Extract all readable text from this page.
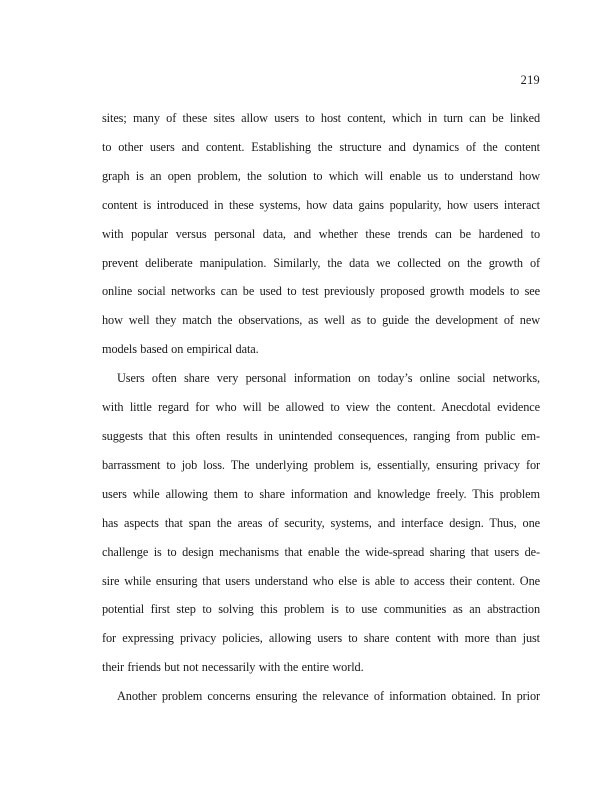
219
sites; many of these sites allow users to host content, which in turn can be linked
to other users and content. Establishing the structure and dynamics of the content
graph is an open problem, the solution to which will enable us to understand how
content is introduced in these systems, how data gains popularity, how users interact
with popular versus personal data, and whether these trends can be hardened to
prevent deliberate manipulation. Similarly, the data we collected on the growth of
online social networks can be used to test previously proposed growth models to see
how well they match the observations, as well as to guide the development of new
models based on empirical data.
Users often share very personal information on today’s online social networks,
with little regard for who will be allowed to view the content. Anecdotal evidence
suggests that this often results in unintended consequences, ranging from public em-
barrassment to job loss. The underlying problem is, essentially, ensuring privacy for
users while allowing them to share information and knowledge freely. This problem
has aspects that span the areas of security, systems, and interface design. Thus, one
challenge is to design mechanisms that enable the wide-spread sharing that users de-
sire while ensuring that users understand who else is able to access their content. One
potential first step to solving this problem is to use communities as an abstraction
for expressing privacy policies, allowing users to share content with more than just
their friends but not necessarily with the entire world.
Another problem concerns ensuring the relevance of information obtained. In prior
